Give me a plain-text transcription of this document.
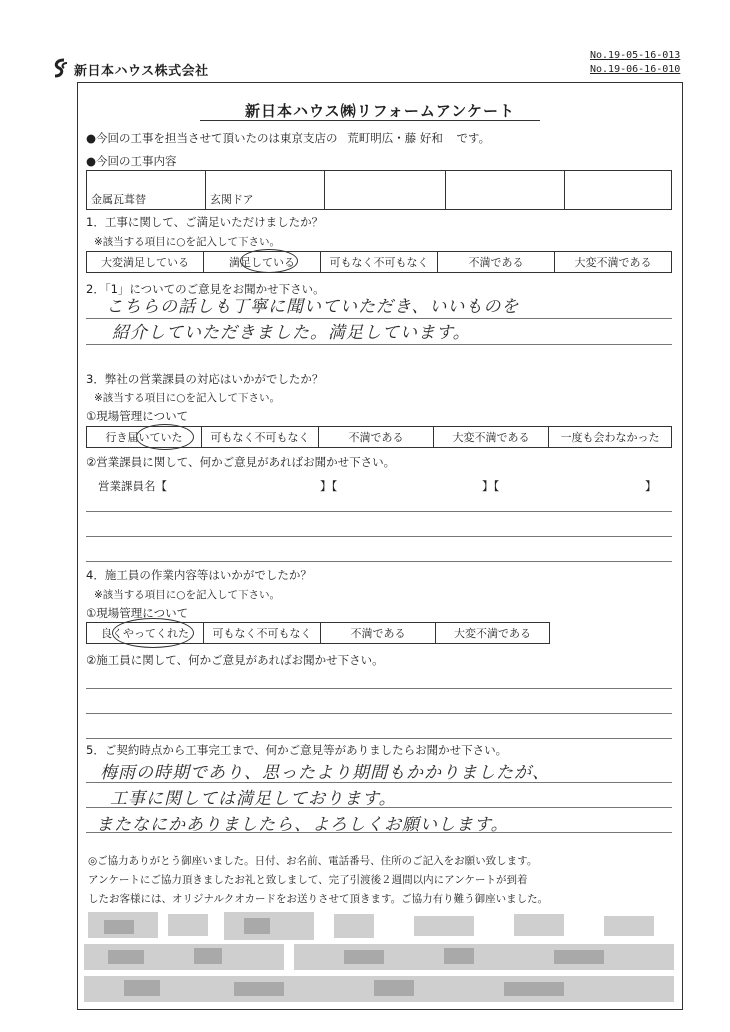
新日本ハウス株式会社
No.19-05-16-013
No.19-06-16-010
新日本ハウス㈱リフォームアンケート
●今回の工事を担当させて頂いたのは東京支店の 荒町明広・藤 好和 です。
●今回の工事内容
金属瓦葺替	玄関ドア			
1．工事に関して、ご満足いただけましたか？
※該当する項目に○を記入して下さい。
大変満足している	満足している	可もなく不可もなく	不満である	大変不満である
2．「1」についてのご意見をお聞かせ下さい。
こちらの話しも丁寧に聞いていただき、いいものを
紹介していただきました。満足しています。
3．弊社の営業課員の対応はいかがでしたか？
※該当する項目に○を記入して下さい。
①現場管理について
行き届いていた	可もなく不可もなく	不満である	大変不満である	一度も会わなかった
②営業課員に関して、何かご意見があればお聞かせ下さい。
営業課員名【	】【	】【	】
4．施工員の作業内容等はいかがでしたか？
※該当する項目に○を記入して下さい。
①現場管理について
良くやってくれた	可もなく不可もなく	不満である	大変不満である
②施工員に関して、何かご意見があればお聞かせ下さい。
5．ご契約時点から工事完工まで、何かご意見等がありましたらお聞かせ下さい。
梅雨の時期であり、思ったより期間もかかりましたが、
工事に関しては満足しております。
またなにかありましたら、よろしくお願いします。
◎ご協力ありがとう御座いました。日付、お名前、電話番号、住所のご記入をお願い致します。
アンケートにご協力頂きましたお礼と致しまして、完了引渡後２週間以内にアンケートが到着
したお客様には、オリジナルクオカードをお送りさせて頂きます。ご協力有り難う御座いました。
